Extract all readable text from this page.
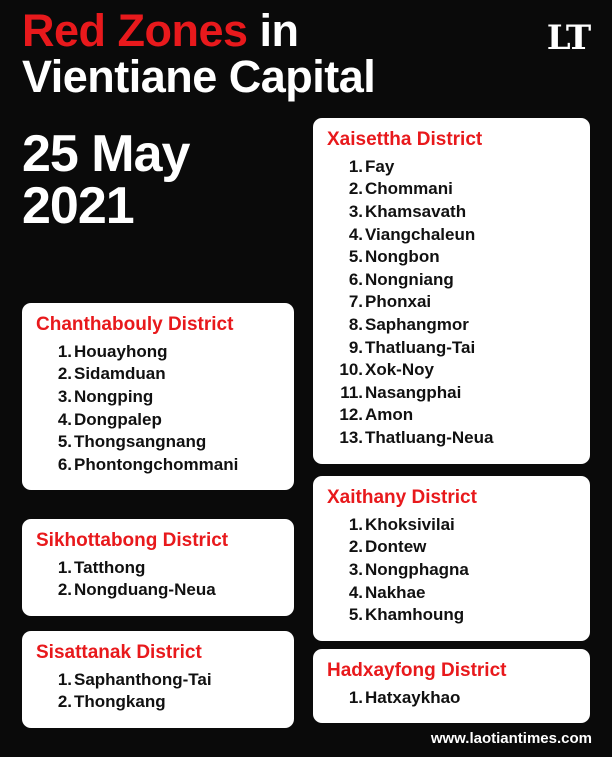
Red Zones in
Vientiane Capital
LT
25 May
2021
Chanthabouly District
1. Houayhong
2. Sidamduan
3. Nongping
4. Dongpalep
5. Thongsangnang
6. Phontongchommani
Sikhottabong District
1. Tatthong
2. Nongduang-Neua
Sisattanak District
1. Saphanthong-Tai
2. Thongkang
Xaisettha District
1. Fay
2. Chommani
3. Khamsavath
4. Viangchaleun
5. Nongbon
6. Nongniang
7. Phonxai
8. Saphangmor
9. Thatluang-Tai
10. Xok-Noy
11. Nasangphai
12. Amon
13. Thatluang-Neua
Xaithany District
1. Khoksivilai
2. Dontew
3. Nongphagna
4. Nakhae
5. Khamhoung
Hadxayfong District
1. Hatxaykhao
www.laotiantimes.com
